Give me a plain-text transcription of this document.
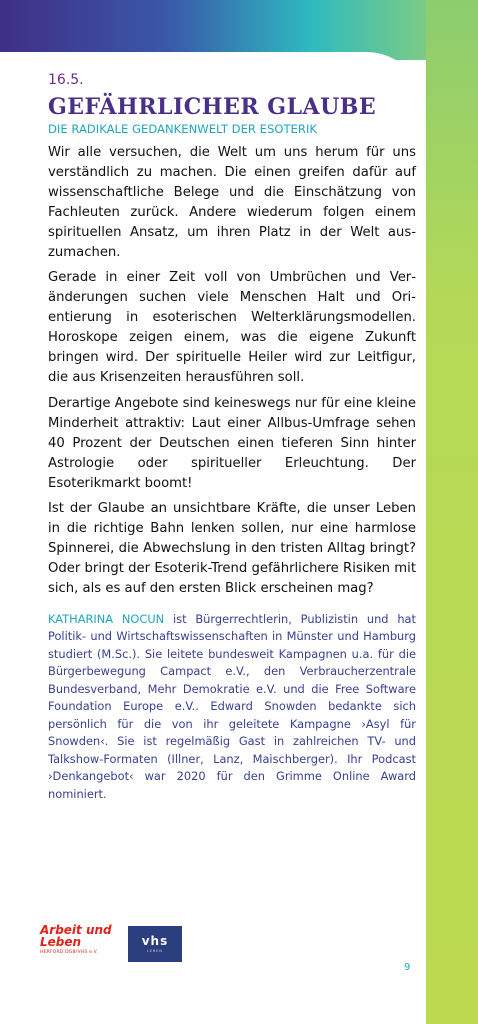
16.5.
GEFÄHRLICHER GLAUBE
DIE RADIKALE GEDANKENWELT DER ESOTERIK

Wir alle versuchen, die Welt um uns herum für uns verständlich zu machen. Die einen greifen dafür auf wissenschaftliche Belege und die Einschätzung von Fachleuten zurück. Andere wiederum folgen einem spirituellen Ansatz, um ihren Platz in der Welt auszumachen.

Gerade in einer Zeit voll von Umbrüchen und Veränderungen suchen viele Menschen Halt und Orientierung in esoterischen Welterklärungsmodellen. Horoskope zeigen einem, was die eigene Zukunft bringen wird. Der spirituelle Heiler wird zur Leitfigur, die aus Krisenzeiten herausführen soll.

Derartige Angebote sind keineswegs nur für eine kleine Minderheit attraktiv: Laut einer Allbus-Umfrage sehen 40 Prozent der Deutschen einen tieferen Sinn hinter Astrologie oder spiritueller Erleuchtung. Der Esoterikmarkt boomt!

Ist der Glaube an unsichtbare Kräfte, die unser Leben in die richtige Bahn lenken sollen, nur eine harmlose Spinnerei, die Abwechslung in den tristen Alltag bringt? Oder bringt der Esoterik-Trend gefährlichere Risiken mit sich, als es auf den ersten Blick erscheinen mag?

KATHARINA NOCUN ist Bürgerrechtlerin, Publizistin und hat Politik- und Wirtschaftswissenschaften in Münster und Hamburg studiert (M.Sc.). Sie leitete bundesweit Kampagnen u.a. für die Bürgerbewegung Campact e.V., den Verbraucherzentrale Bundesverband, Mehr Demokratie e.V. und die Free Software Foundation Europe e.V.. Edward Snowden bedankte sich persönlich für die von ihr geleitete Kampagne ›Asyl für Snowden‹. Sie ist regelmäßig Gast in zahlreichen TV- und Talkshow-Formaten (Illner, Lanz, Maischberger). Ihr Podcast ›Denkangebot‹ war 2020 für den Grimme Online Award nominiert.

Arbeit und
Leben
HERFORD DGB/VHS e.V.
vhs
LEBEN
9
